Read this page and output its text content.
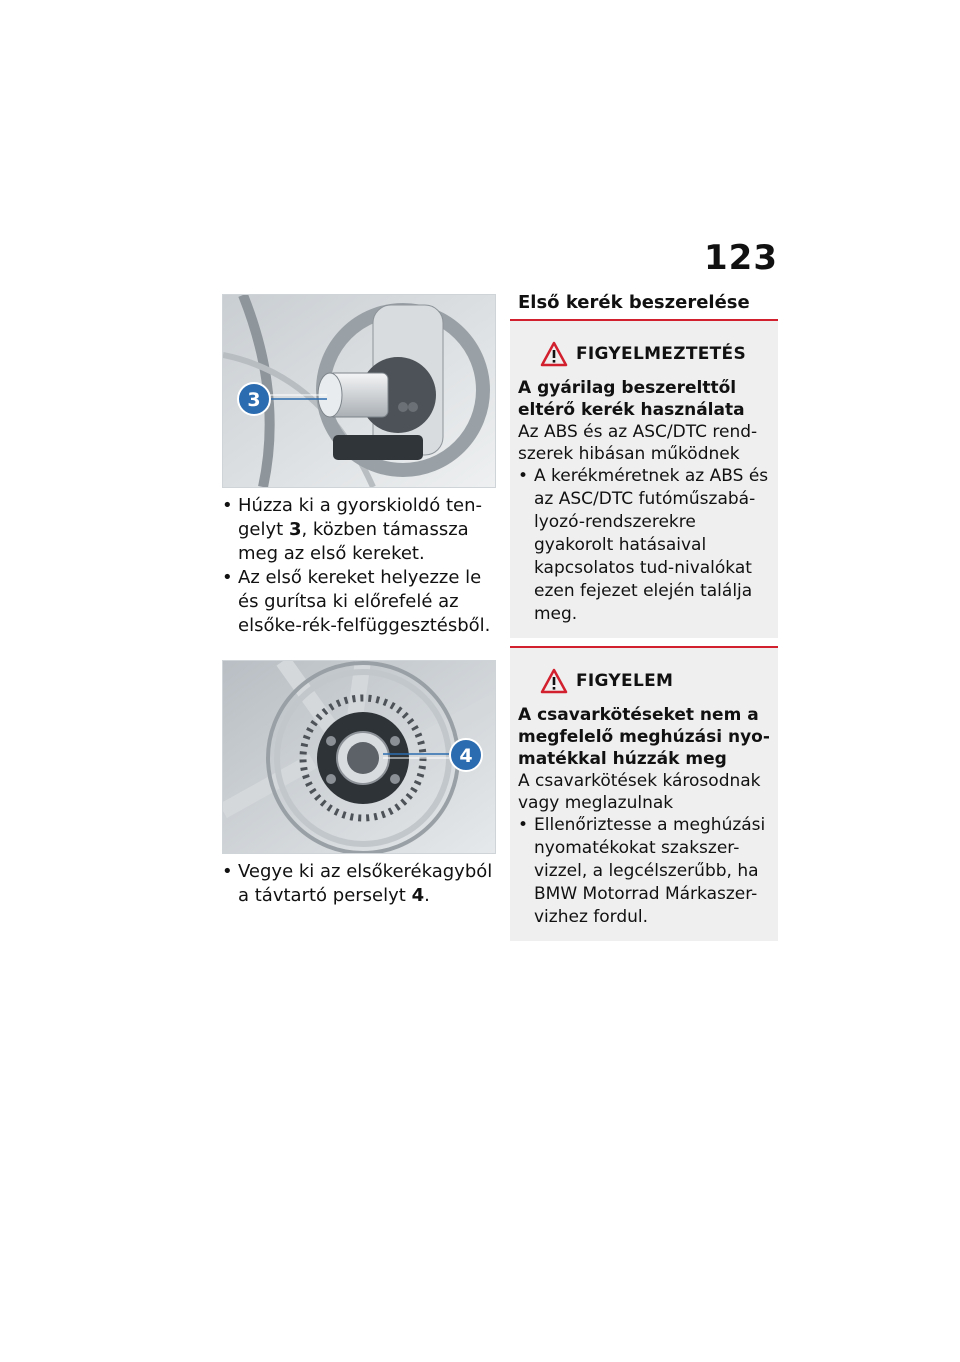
123
3
• Húzza ki a gyorskioldó ten-gelyt 3, közben támassza meg az első kereket.
• Az első kereket helyezze le és gurítsa ki előrefelé az elsőke-rék-felfüggesztésből.
4
• Vegye ki az elsőkerékagyból a távtartó perselyt 4.
Első kerék beszerelése
FIGYELMEZTETÉS
A gyárilag beszerelttől eltérő kerék használata
Az ABS és az ASC/DTC rend-szerek hibásan működnek
• A kerékméretnek az ABS és az ASC/DTC futóműszabá-lyozó-rendszerekre gyakorolt hatásaival kapcsolatos tud-nivalókat ezen fejezet elején találja meg.
FIGYELEM
A csavarkötéseket nem a megfelelő meghúzási nyo-matékkal húzzák meg
A csavarkötések károsodnak vagy meglazulnak
• Ellenőriztesse a meghúzási nyomatékokat szakszer-vizzel, a legcélszerűbb, ha BMW Motorrad Márkaszer-vizhez fordul.
